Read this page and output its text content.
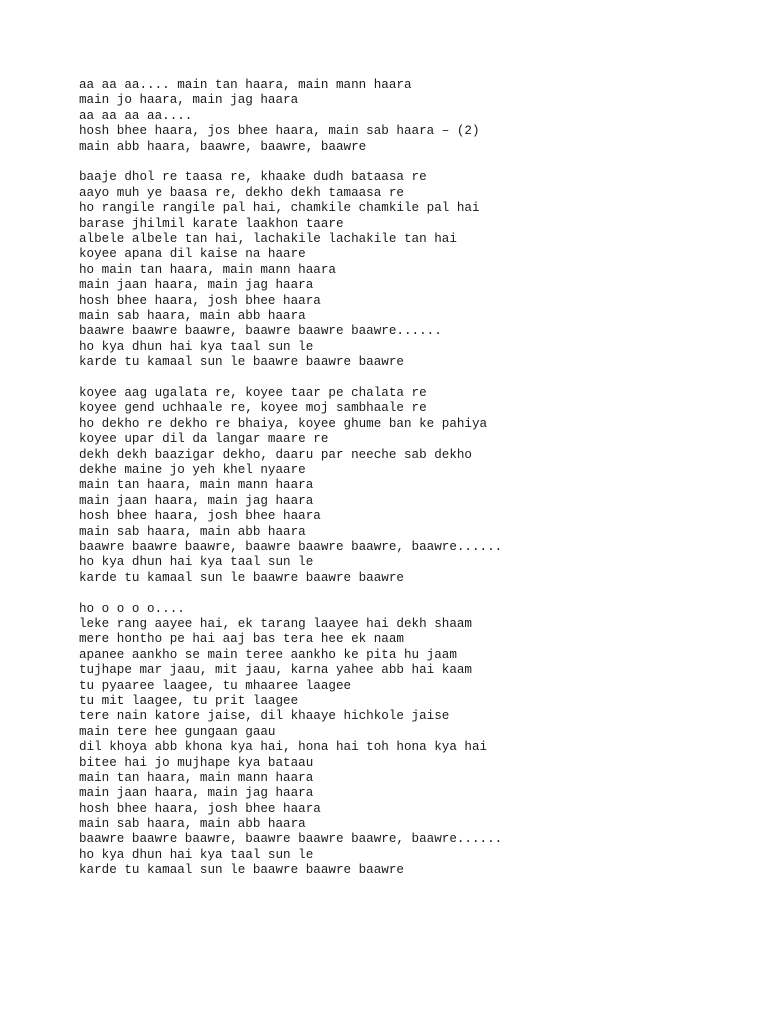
aa aa aa.... main tan haara, main mann haara
main jo haara, main jag haara
aa aa aa aa....
hosh bhee haara, jos bhee haara, main sab haara – (2)
main abb haara, baawre, baawre, baawre
baaje dhol re taasa re, khaake dudh bataasa re
aayo muh ye baasa re, dekho dekh tamaasa re
ho rangile rangile pal hai, chamkile chamkile pal hai
barase jhilmil karate laakhon taare
albele albele tan hai, lachakile lachakile tan hai
koyee apana dil kaise na haare
ho main tan haara, main mann haara
main jaan haara, main jag haara
hosh bhee haara, josh bhee haara
main sab haara, main abb haara
baawre baawre baawre, baawre baawre baawre......
ho kya dhun hai kya taal sun le
karde tu kamaal sun le baawre baawre baawre
koyee aag ugalata re, koyee taar pe chalata re
koyee gend uchhaale re, koyee moj sambhaale re
ho dekho re dekho re bhaiya, koyee ghume ban ke pahiya
koyee upar dil da langar maare re
dekh dekh baazigar dekho, daaru par neeche sab dekho
dekhe maine jo yeh khel nyaare
main tan haara, main mann haara
main jaan haara, main jag haara
hosh bhee haara, josh bhee haara
main sab haara, main abb haara
baawre baawre baawre, baawre baawre baawre, baawre......
ho kya dhun hai kya taal sun le
karde tu kamaal sun le baawre baawre baawre
ho o o o o....
leke rang aayee hai, ek tarang laayee hai dekh shaam
mere hontho pe hai aaj bas tera hee ek naam
apanee aankho se main teree aankho ke pita hu jaam
tujhape mar jaau, mit jaau, karna yahee abb hai kaam
tu pyaaree laagee, tu mhaaree laagee
tu mit laagee, tu prit laagee
tere nain katore jaise, dil khaaye hichkole jaise
main tere hee gungaan gaau
dil khoya abb khona kya hai, hona hai toh hona kya hai
bitee hai jo mujhape kya bataau
main tan haara, main mann haara
main jaan haara, main jag haara
hosh bhee haara, josh bhee haara
main sab haara, main abb haara
baawre baawre baawre, baawre baawre baawre, baawre......
ho kya dhun hai kya taal sun le
karde tu kamaal sun le baawre baawre baawre
